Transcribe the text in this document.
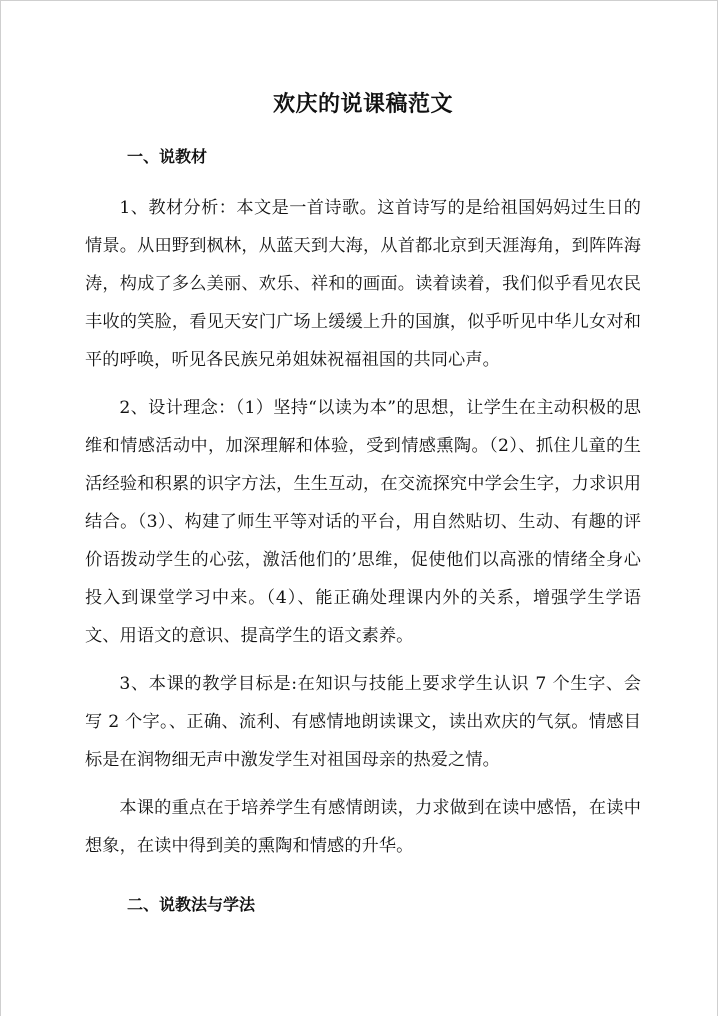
欢庆的说课稿范文
一、说教材

1、教材分析：本文是一首诗歌。这首诗写的是给祖国妈妈过生日的情景。从田野到枫林，从蓝天到大海，从首都北京到天涯海角，到阵阵海涛，构成了多么美丽、欢乐、祥和的画面。读着读着，我们似乎看见农民丰收的笑脸，看见天安门广场上缓缓上升的国旗，似乎听见中华儿女对和平的呼唤，听见各民族兄弟姐妹祝福祖国的共同心声。

2、设计理念：（1）坚持“以读为本”的思想，让学生在主动积极的思维和情感活动中，加深理解和体验，受到情感熏陶。（2）、抓住儿童的生活经验和积累的识字方法，生生互动，在交流探究中学会生字，力求识用结合。（3）、构建了师生平等对话的平台，用自然贴切、生动、有趣的评价语拨动学生的心弦，激活他们的’思维，促使他们以高涨的情绪全身心投入到课堂学习中来。（4）、能正确处理课内外的关系，增强学生学语文、用语文的意识、提高学生的语文素养。

3、本课的教学目标是:在知识与技能上要求学生认识 7 个生字、会写 2 个字。、正确、流利、有感情地朗读课文，读出欢庆的气氛。情感目标是在润物细无声中激发学生对祖国母亲的热爱之情。

本课的重点在于培养学生有感情朗读，力求做到在读中感悟，在读中想象，在读中得到美的熏陶和情感的升华。

二、说教法与学法
